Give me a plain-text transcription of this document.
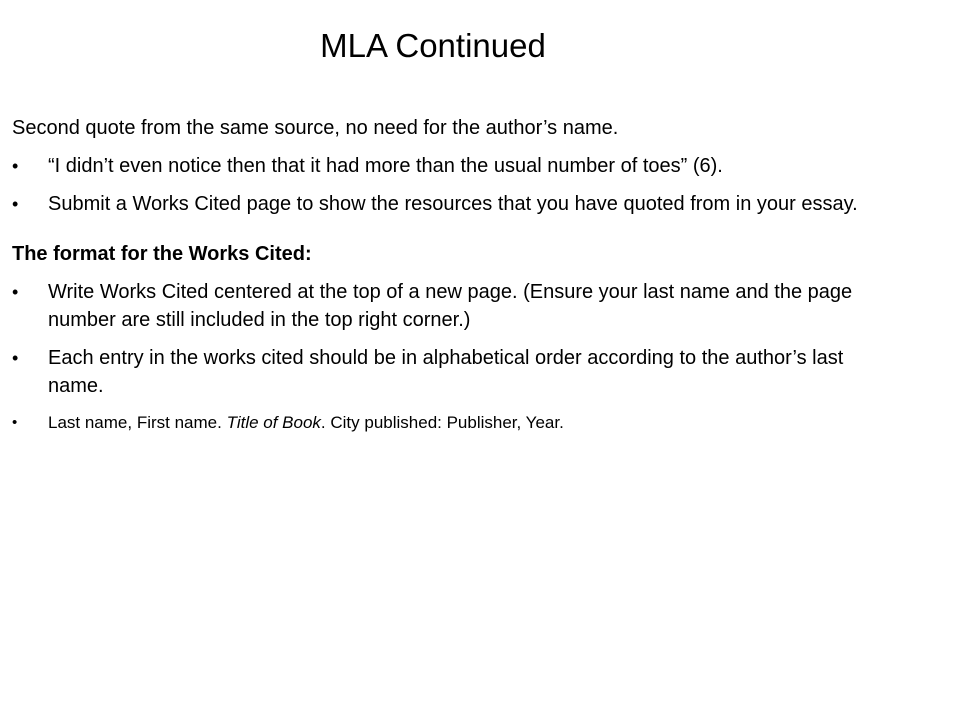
MLA Continued

Second quote from the same source, no need for the author’s name.

•	“I didn’t even notice then that it had more than the usual number of toes” (6).

•	Submit a Works Cited page to show the resources that you have quoted from in your essay.

The format for the Works Cited:

•	Write Works Cited centered at the top of a new page. (Ensure your last name and the page number are still included in the top right corner.)

•	Each entry in the works cited should be in alphabetical order according to the author’s last name.

•	Last name, First name. Title of Book. City published: Publisher, Year.
